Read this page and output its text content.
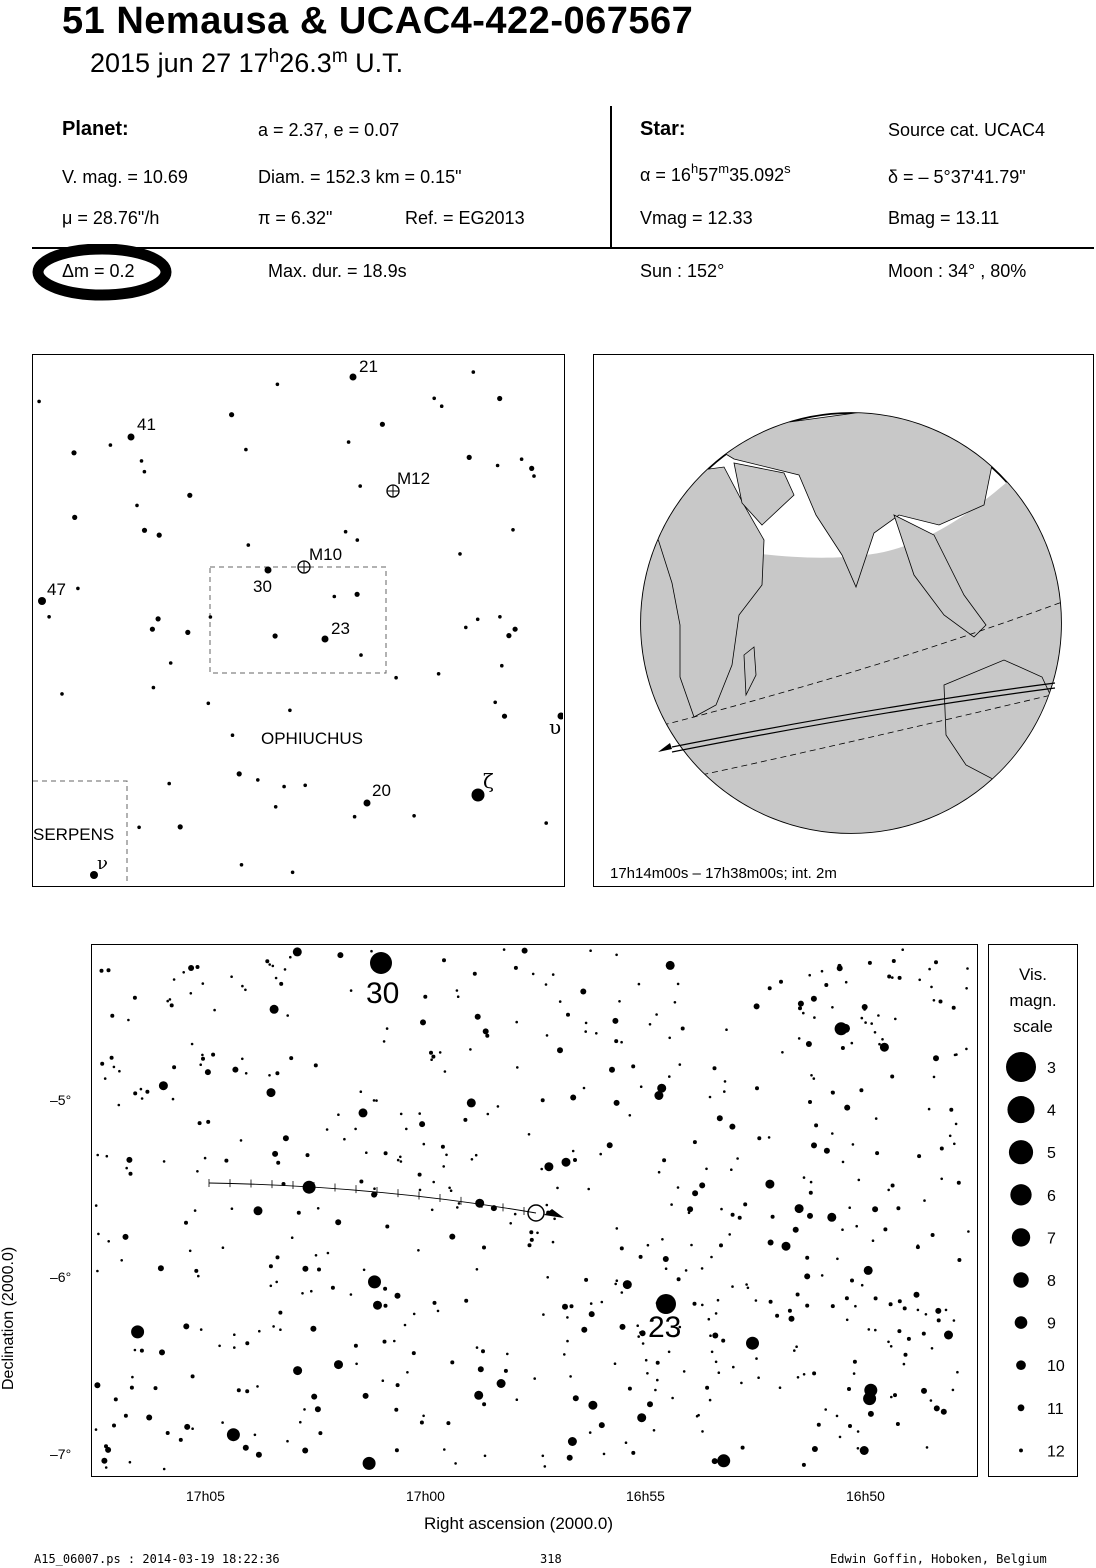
51 Nemausa & UCAC4-422-067567
2015 jun 27 17$^h$26.3$^m$ U.T.
Planet:	a = 2.37, e = 0.07
V. mag. = 10.69	Diam. = 152.3 km = 0.15"
μ = 28.76"/h	π = 6.32"	Ref. = EG2013
Star:	Source cat. UCAC4
$\alpha = 16^h57^m35.092^s$	δ = – 5°37'41.79"
Vmag = 12.33	Bmag = 13.11
Δm = 0.2	Max. dur. = 18.9s	Sun : 152°	Moon : 34° , 80%
21
41
M12
M10
30
47
23
OPHIUCHUS	υ
ζ
20
SERPENS
ν	17h14m00s – 17h38m00s; int. 2m
30
23
Declination (2000.0)
–5°
–6°
–7°
17h05	17h00	16h55	16h50
Right ascension (2000.0)
Vis.
magn.
scale
3
4
5
6
7
8
9
10
11
12
A15_06007.ps : 2014-03-19 18:22:36	318	Edwin Goffin, Hoboken, Belgium
